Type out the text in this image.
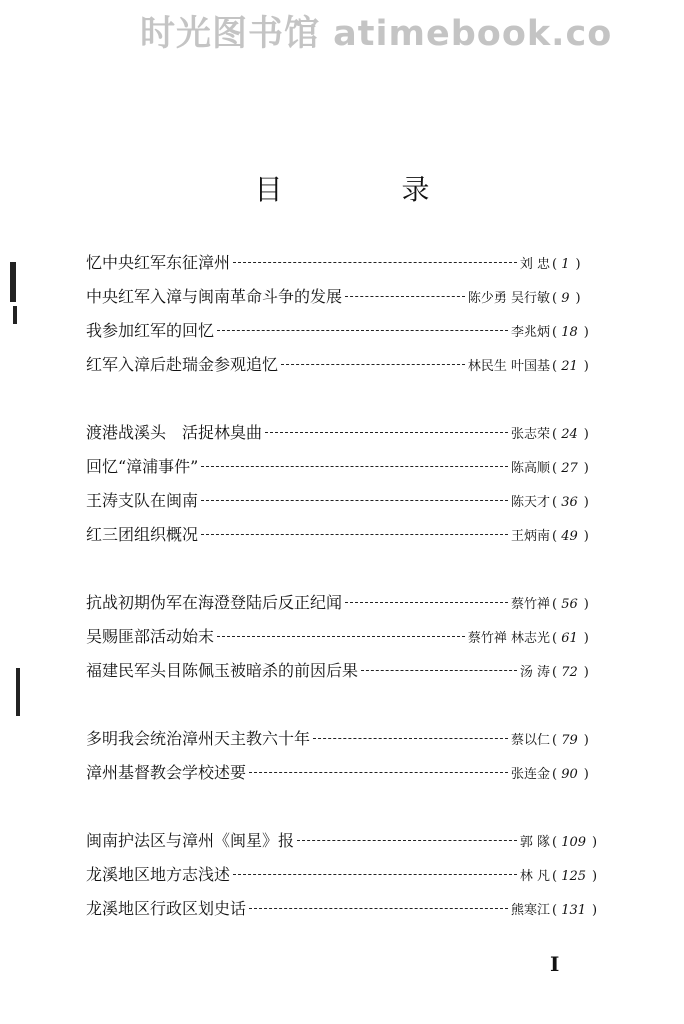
时光图书馆 atimebook.co
目 录
忆中央红军东征漳州	刘 忠 ( 1 )
中央红军入漳与闽南革命斗争的发展	陈少勇 吴行敏 ( 9 )
我参加红军的回忆	李兆炳 ( 18 )
红军入漳后赴瑞金参观追忆	林民生 叶国基 ( 21 )
渡港战溪头　活捉林臭曲	张志荣 ( 24 )
回忆“漳浦事件”	陈高顺 ( 27 )
王涛支队在闽南	陈天才 ( 36 )
红三团组织概况	王炳南 ( 49 )
抗战初期伪军在海澄登陆后反正纪闻	蔡竹禅 ( 56 )
吴赐匪部活动始末	蔡竹禅 林志光 ( 61 )
福建民军头目陈佩玉被暗杀的前因后果	汤 涛 ( 72 )
多明我会统治漳州天主教六十年	蔡以仁 ( 79 )
漳州基督教会学校述要	张连金 ( 90 )
闽南护法区与漳州《闽星》报	郭 隊 ( 109 )
龙溪地区地方志浅述	林 凡 ( 125 )
龙溪地区行政区划史话	熊寒江 ( 131 )
I
